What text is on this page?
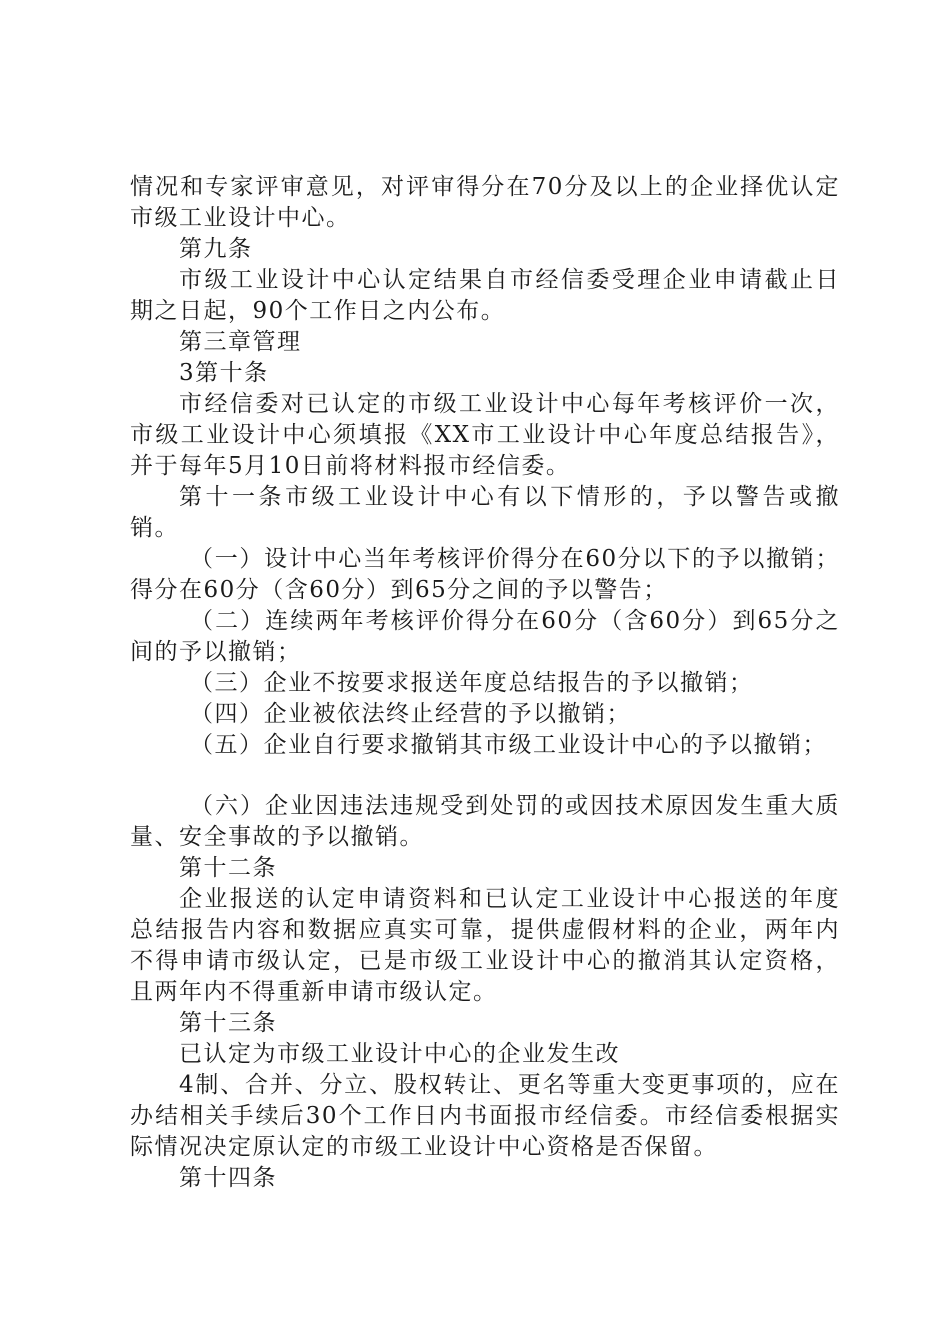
情况和专家评审意见，对评审得分在70分及以上的企业择优认定市级工业设计中心。

第九条

市级工业设计中心认定结果自市经信委受理企业申请截止日期之日起，90个工作日之内公布。

第三章管理

3第十条

市经信委对已认定的市级工业设计中心每年考核评价一次，市级工业设计中心须填报《XX市工业设计中心年度总结报告》，并于每年5月10日前将材料报市经信委。

第十一条市级工业设计中心有以下情形的，予以警告或撤销。

（一）设计中心当年考核评价得分在60分以下的予以撤销；得分在60分（含60分）到65分之间的予以警告；

（二）连续两年考核评价得分在60分（含60分）到65分之间的予以撤销；

（三）企业不按要求报送年度总结报告的予以撤销；

（四）企业被依法终止经营的予以撤销；

（五）企业自行要求撤销其市级工业设计中心的予以撤销；

（六）企业因违法违规受到处罚的或因技术原因发生重大质量、安全事故的予以撤销。

第十二条

企业报送的认定申请资料和已认定工业设计中心报送的年度总结报告内容和数据应真实可靠，提供虚假材料的企业，两年内不得申请市级认定，已是市级工业设计中心的撤消其认定资格，且两年内不得重新申请市级认定。

第十三条

已认定为市级工业设计中心的企业发生改

4制、合并、分立、股权转让、更名等重大变更事项的，应在办结相关手续后30个工作日内书面报市经信委。市经信委根据实际情况决定原认定的市级工业设计中心资格是否保留。

第十四条
